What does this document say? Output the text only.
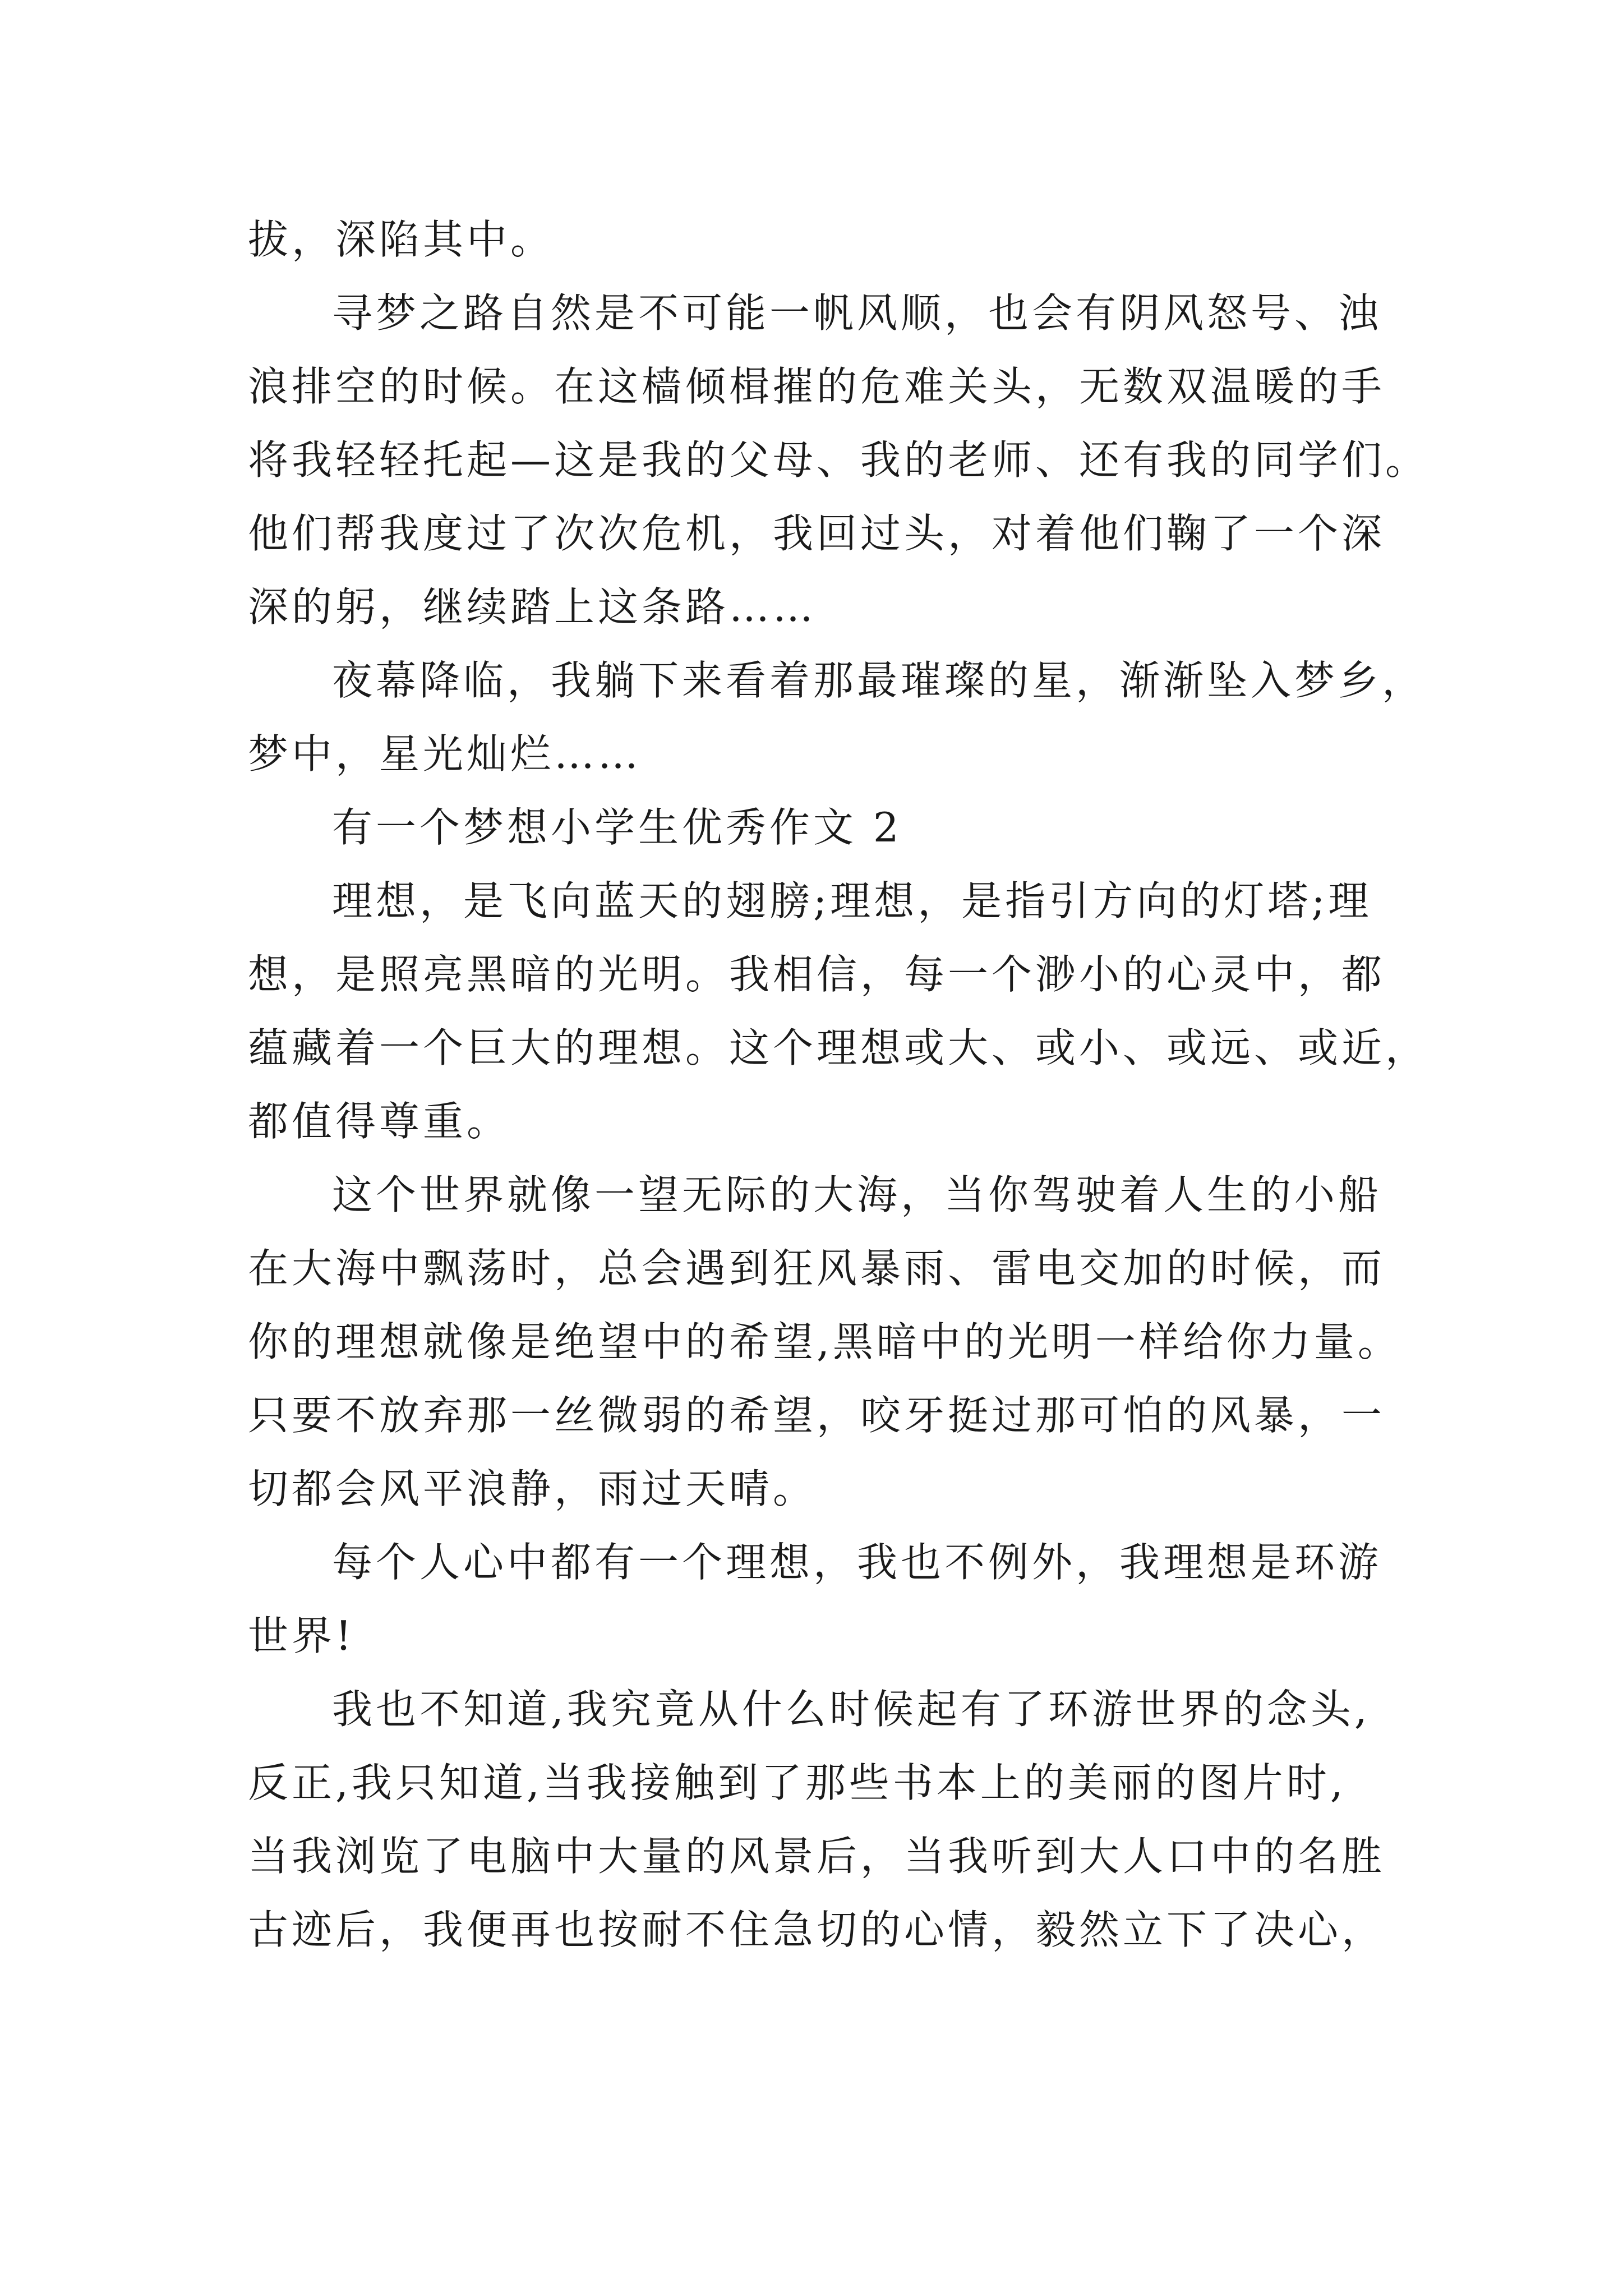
拔，深陷其中。
寻梦之路自然是不可能一帆风顺，也会有阴风怒号、浊
浪排空的时候。在这樯倾楫摧的危难关头，无数双温暖的手
将我轻轻托起—这是我的父母、我的老师、还有我的同学们。
他们帮我度过了次次危机，我回过头，对着他们鞠了一个深
深的躬，继续踏上这条路……
夜幕降临，我躺下来看着那最璀璨的星，渐渐坠入梦乡，
梦中，星光灿烂……
有一个梦想小学生优秀作文 2
理想，是飞向蓝天的翅膀;理想，是指引方向的灯塔;理
想，是照亮黑暗的光明。我相信，每一个渺小的心灵中，都
蕴藏着一个巨大的理想。这个理想或大、或小、或远、或近，
都值得尊重。
这个世界就像一望无际的大海，当你驾驶着人生的小船
在大海中飘荡时，总会遇到狂风暴雨、雷电交加的时候，而
你的理想就像是绝望中的希望,黑暗中的光明一样给你力量。
只要不放弃那一丝微弱的希望，咬牙挺过那可怕的风暴，一
切都会风平浪静，雨过天晴。
每个人心中都有一个理想，我也不例外，我理想是环游
世界!
我也不知道,我究竟从什么时候起有了环游世界的念头,
反正,我只知道,当我接触到了那些书本上的美丽的图片时,
当我浏览了电脑中大量的风景后，当我听到大人口中的名胜
古迹后，我便再也按耐不住急切的心情，毅然立下了决心，
